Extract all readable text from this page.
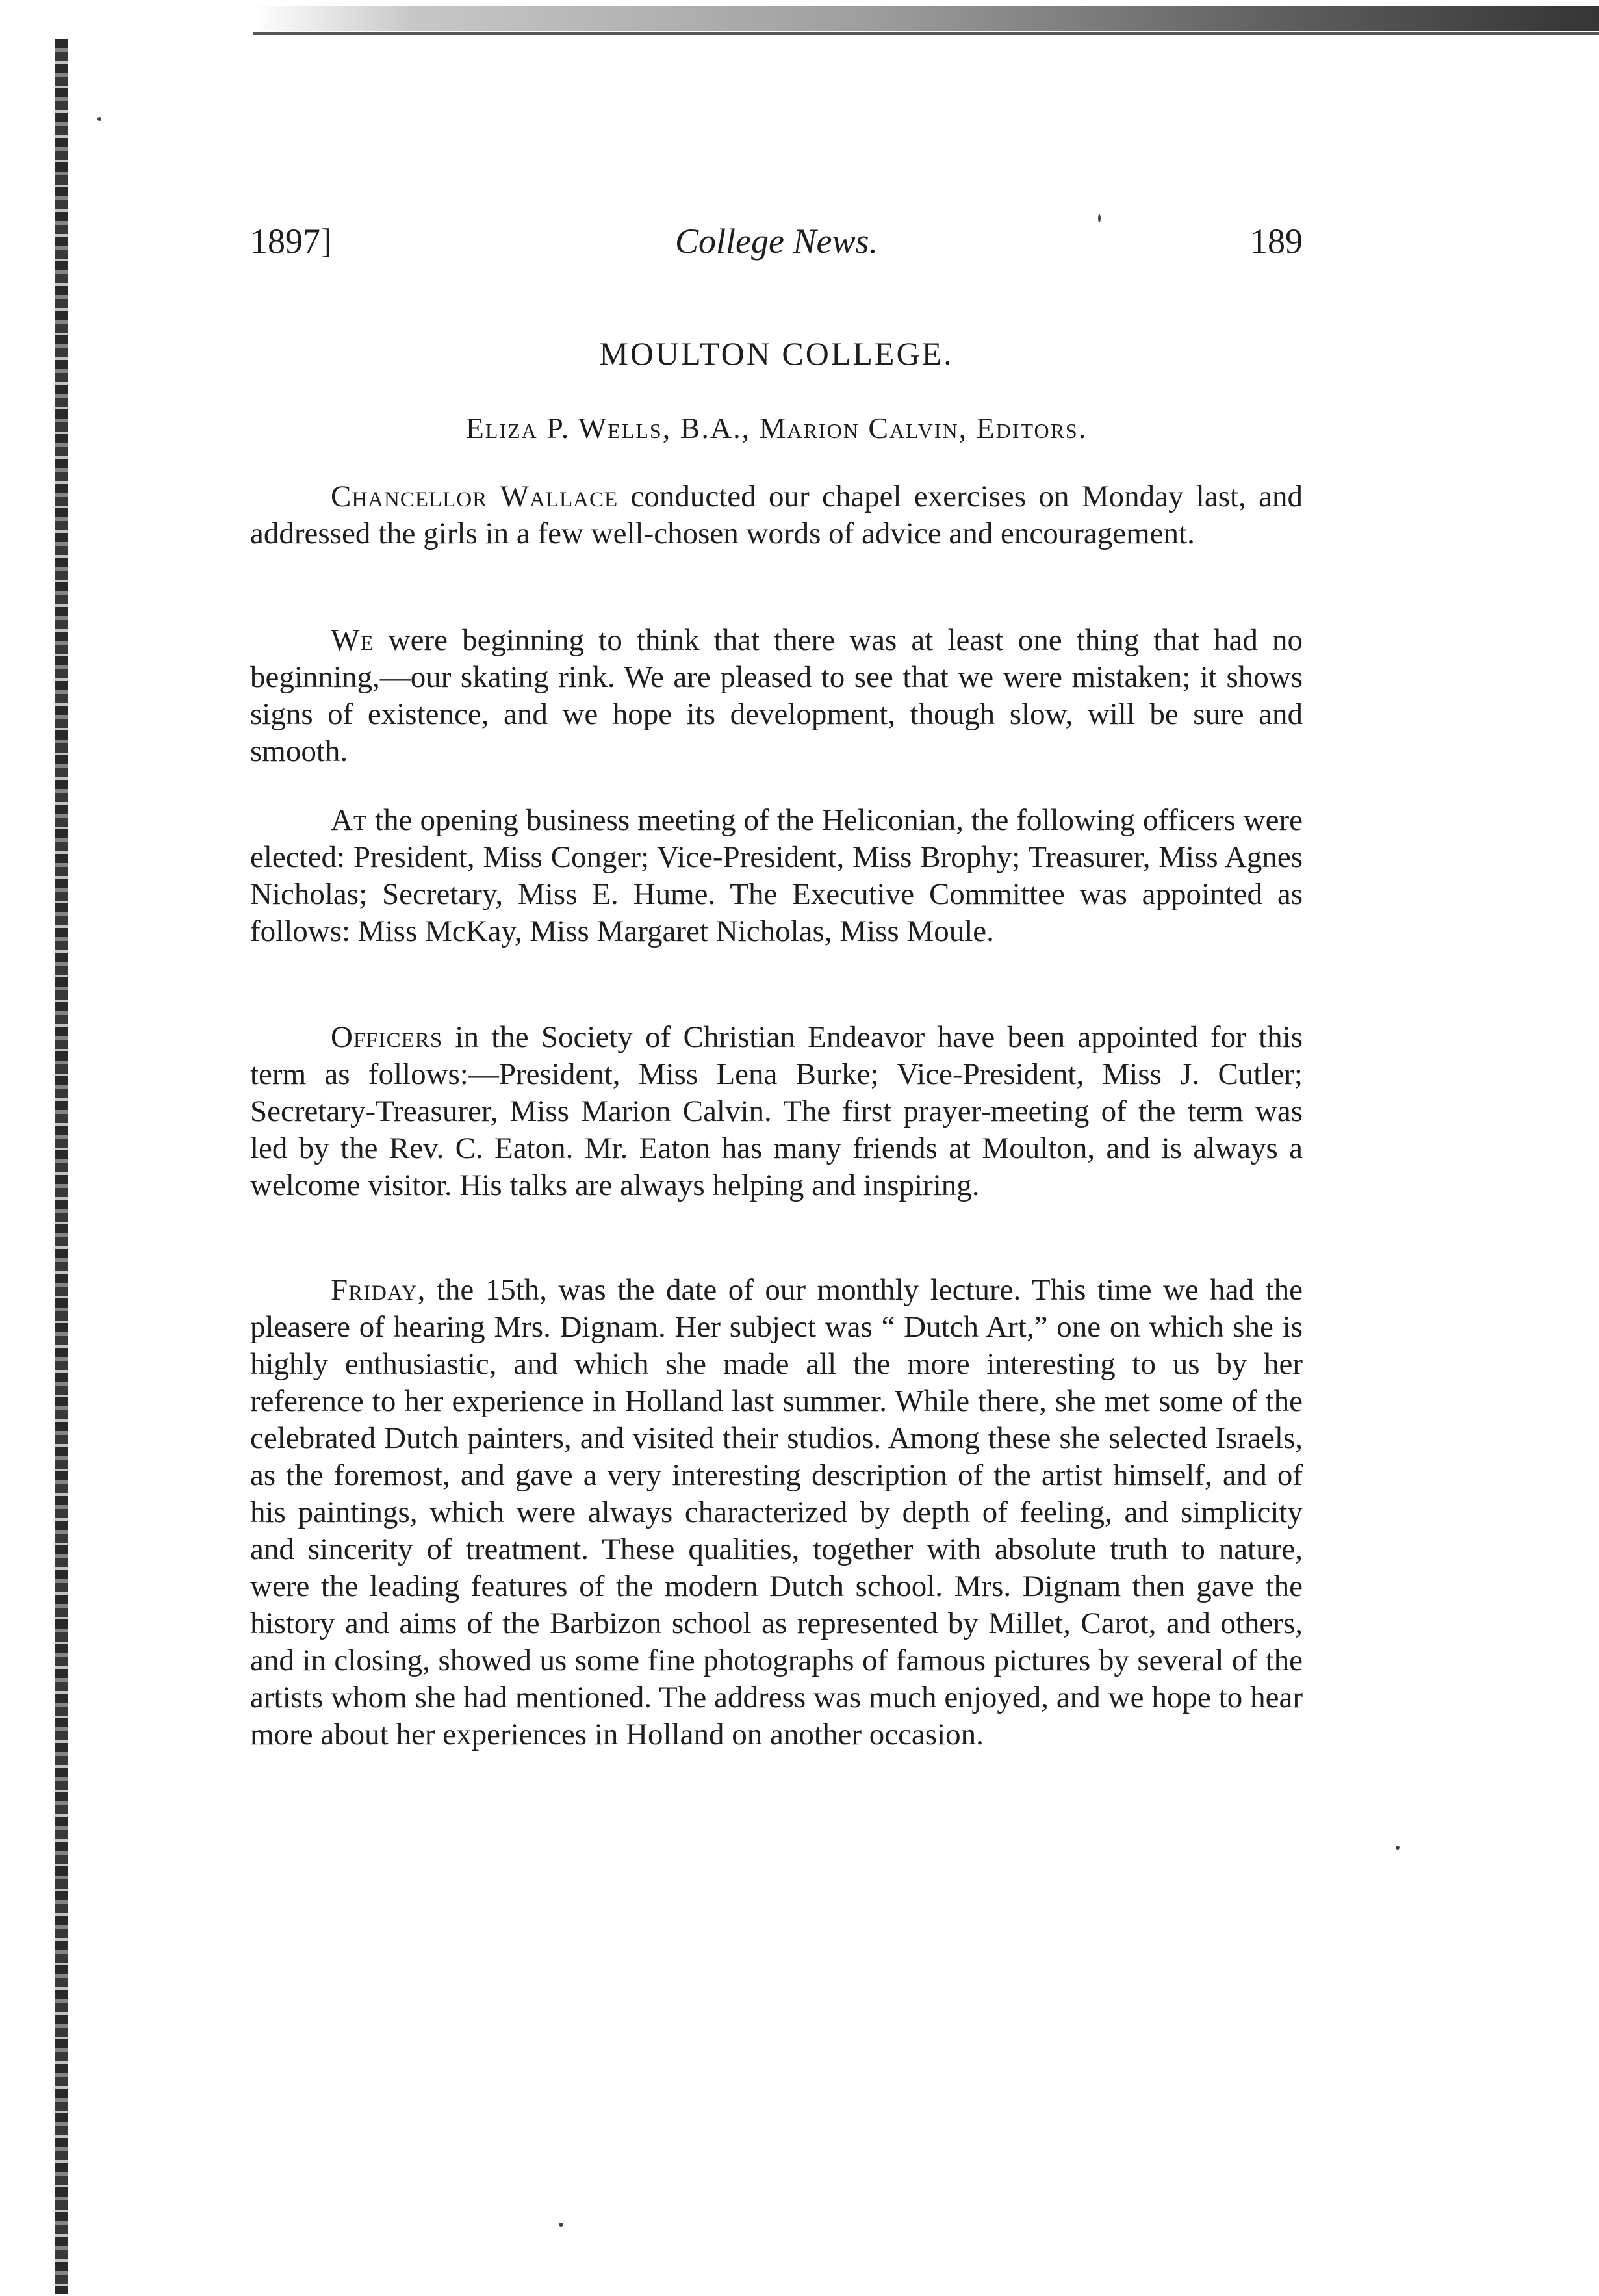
1897]	College News.	189
MOULTON COLLEGE.
Eliza P. Wells, B.A., Marion Calvin, Editors.

Chancellor Wallace conducted our chapel exercises on Monday last, and addressed the girls in a few well-chosen words of advice and encouragement.

We were beginning to think that there was at least one thing that had no beginning,—our skating rink. We are pleased to see that we were mistaken; it shows signs of existence, and we hope its development, though slow, will be sure and smooth.

At the opening business meeting of the Heliconian, the following officers were elected: President, Miss Conger; Vice-President, Miss Brophy; Treasurer, Miss Agnes Nicholas; Secretary, Miss E. Hume. The Executive Committee was appointed as follows: Miss McKay, Miss Margaret Nicholas, Miss Moule.

Officers in the Society of Christian Endeavor have been appointed for this term as follows:—President, Miss Lena Burke; Vice-President, Miss J. Cutler; Secretary-Treasurer, Miss Marion Calvin. The first prayer-meeting of the term was led by the Rev. C. Eaton. Mr. Eaton has many friends at Moulton, and is always a welcome visitor. His talks are always helping and inspiring.

Friday, the 15th, was the date of our monthly lecture. This time we had the pleasere of hearing Mrs. Dignam. Her subject was “ Dutch Art,” one on which she is highly enthusiastic, and which she made all the more interesting to us by her reference to her experience in Holland last summer. While there, she met some of the celebrated Dutch painters, and visited their studios. Among these she selected Israels, as the foremost, and gave a very interesting description of the artist himself, and of his paintings, which were always characterized by depth of feeling, and simplicity and sincerity of treatment. These qualities, together with absolute truth to nature, were the leading features of the modern Dutch school. Mrs. Dignam then gave the history and aims of the Barbizon school as represented by Millet, Carot, and others, and in closing, showed us some fine photographs of famous pictures by several of the artists whom she had mentioned. The address was much enjoyed, and we hope to hear more about her experiences in Holland on another occasion.
